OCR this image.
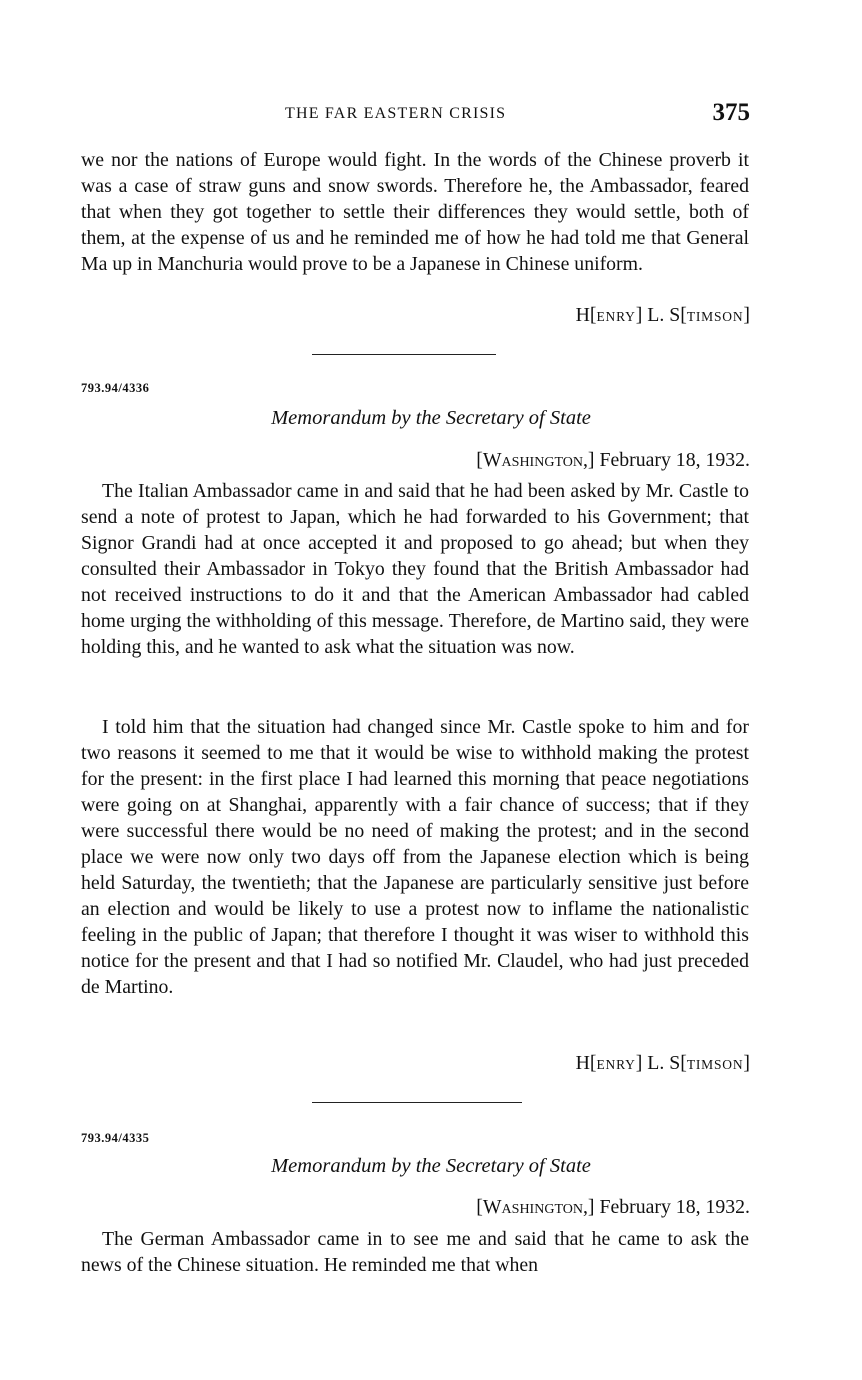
THE FAR EASTERN CRISIS	375

we nor the nations of Europe would fight. In the words of the Chinese proverb it was a case of straw guns and snow swords. Therefore he, the Ambassador, feared that when they got together to settle their differences they would settle, both of them, at the expense of us and he reminded me of how he had told me that General Ma up in Manchuria would prove to be a Japanese in Chinese uniform.

H[ENRY] L. S[TIMSON]
793.94/4336
Memorandum by the Secretary of State
[Washington,] February 18, 1932.

The Italian Ambassador came in and said that he had been asked by Mr. Castle to send a note of protest to Japan, which he had forwarded to his Government; that Signor Grandi had at once accepted it and proposed to go ahead; but when they consulted their Ambassador in Tokyo they found that the British Ambassador had not received instructions to do it and that the American Ambassador had cabled home urging the withholding of this message. Therefore, de Martino said, they were holding this, and he wanted to ask what the situation was now.

I told him that the situation had changed since Mr. Castle spoke to him and for two reasons it seemed to me that it would be wise to withhold making the protest for the present: in the first place I had learned this morning that peace negotiations were going on at Shanghai, apparently with a fair chance of success; that if they were successful there would be no need of making the protest; and in the second place we were now only two days off from the Japanese election which is being held Saturday, the twentieth; that the Japanese are particularly sensitive just before an election and would be likely to use a protest now to inflame the nationalistic feeling in the public of Japan; that therefore I thought it was wiser to withhold this notice for the present and that I had so notified Mr. Claudel, who had just preceded de Martino.

H[ENRY] L. S[TIMSON]
793.94/4335
Memorandum by the Secretary of State
[Washington,] February 18, 1932.

The German Ambassador came in to see me and said that he came to ask the news of the Chinese situation. He reminded me that when
